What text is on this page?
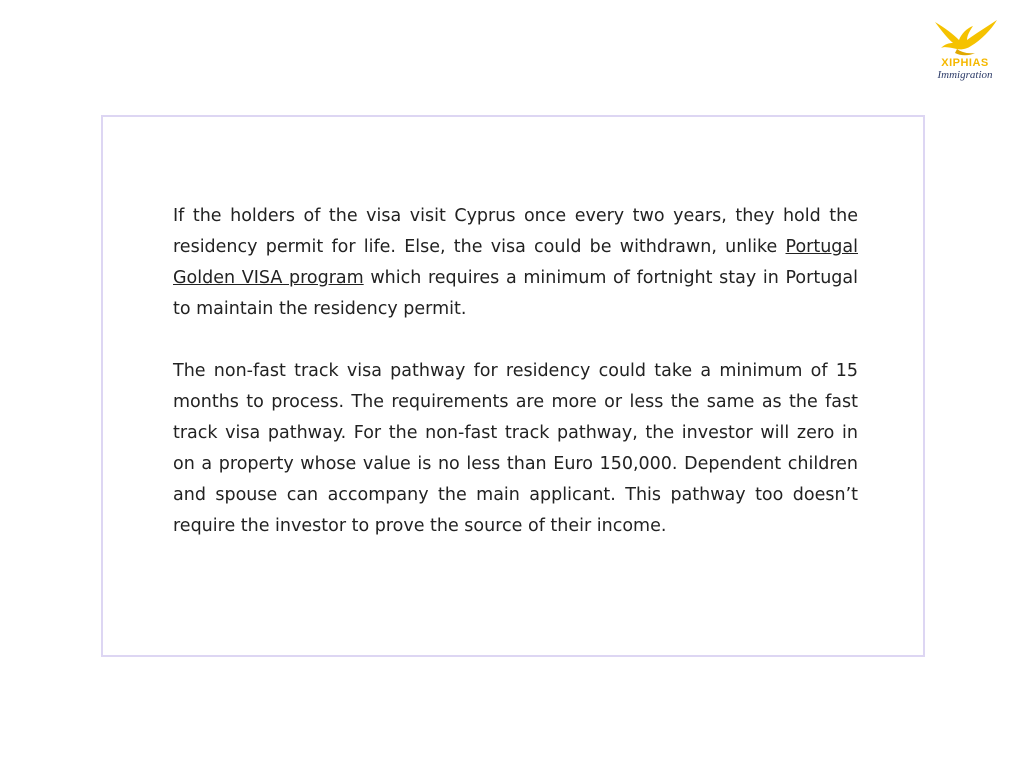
XIPHIAS
Immigration

If the holders of the visa visit Cyprus once every two years, they hold the residency permit for life. Else, the visa could be withdrawn, unlike Portugal Golden VISA program which requires a minimum of fortnight stay in Portugal to maintain the residency permit.

The non-fast track visa pathway for residency could take a minimum of 15 months to process. The requirements are more or less the same as the fast track visa pathway. For the non-fast track pathway, the investor will zero in on a property whose value is no less than Euro 150,000. Dependent children and spouse can accompany the main applicant. This pathway too doesn’t require the investor to prove the source of their income.
